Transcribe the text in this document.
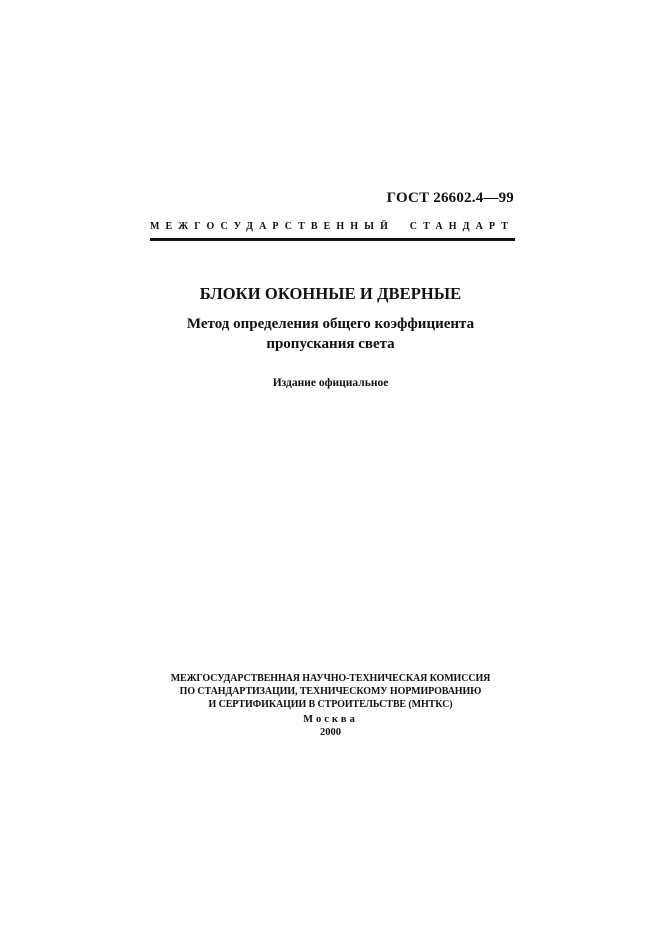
ГОСТ 26602.4—99
МЕЖГОСУДАРСТВЕННЫЙ СТАНДАРТ
БЛОКИ ОКОННЫЕ И ДВЕРНЫЕ
Метод определения общего коэффициента
пропускания света
Издание официальное
МЕЖГОСУДАРСТВЕННАЯ НАУЧНО-ТЕХНИЧЕСКАЯ КОМИССИЯ
ПО СТАНДАРТИЗАЦИИ, ТЕХНИЧЕСКОМУ НОРМИРОВАНИЮ
И СЕРТИФИКАЦИИ В СТРОИТЕЛЬСТВЕ (МНТКС)
Москва
2000
